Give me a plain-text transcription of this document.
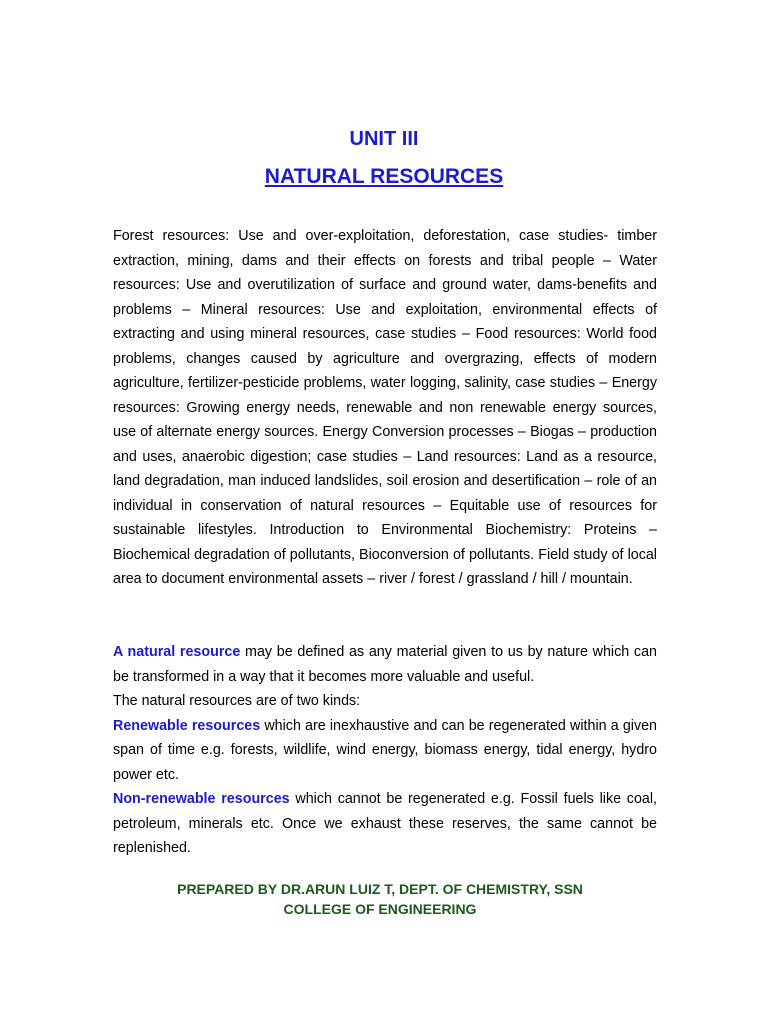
UNIT III
NATURAL RESOURCES

Forest resources: Use and over-exploitation, deforestation, case studies- timber extraction, mining, dams and their effects on forests and tribal people – Water resources: Use and overutilization of surface and ground water, dams-benefits and problems – Mineral resources: Use and exploitation, environmental effects of extracting and using mineral resources, case studies – Food resources: World food problems, changes caused by agriculture and overgrazing, effects of modern agriculture, fertilizer-pesticide problems, water logging, salinity, case studies – Energy resources: Growing energy needs, renewable and non renewable energy sources, use of alternate energy sources. Energy Conversion processes – Biogas – production and uses, anaerobic digestion; case studies – Land resources: Land as a resource, land degradation, man induced landslides, soil erosion and desertification – role of an individual in conservation of natural resources – Equitable use of resources for sustainable lifestyles. Introduction to Environmental Biochemistry: Proteins –Biochemical degradation of pollutants, Bioconversion of pollutants. Field study of local area to document environmental assets – river / forest / grassland / hill / mountain.

A natural resource may be defined as any material given to us by nature which can be transformed in a way that it becomes more valuable and useful.

The natural resources are of two kinds:

Renewable resources which are inexhaustive and can be regenerated within a given span of time e.g. forests, wildlife, wind energy, biomass energy, tidal energy, hydro power etc.

Non-renewable resources which cannot be regenerated e.g. Fossil fuels like coal, petroleum, minerals etc. Once we exhaust these reserves, the same cannot be replenished.

PREPARED BY DR.ARUN LUIZ T, DEPT. OF CHEMISTRY, SSN
COLLEGE OF ENGINEERING
